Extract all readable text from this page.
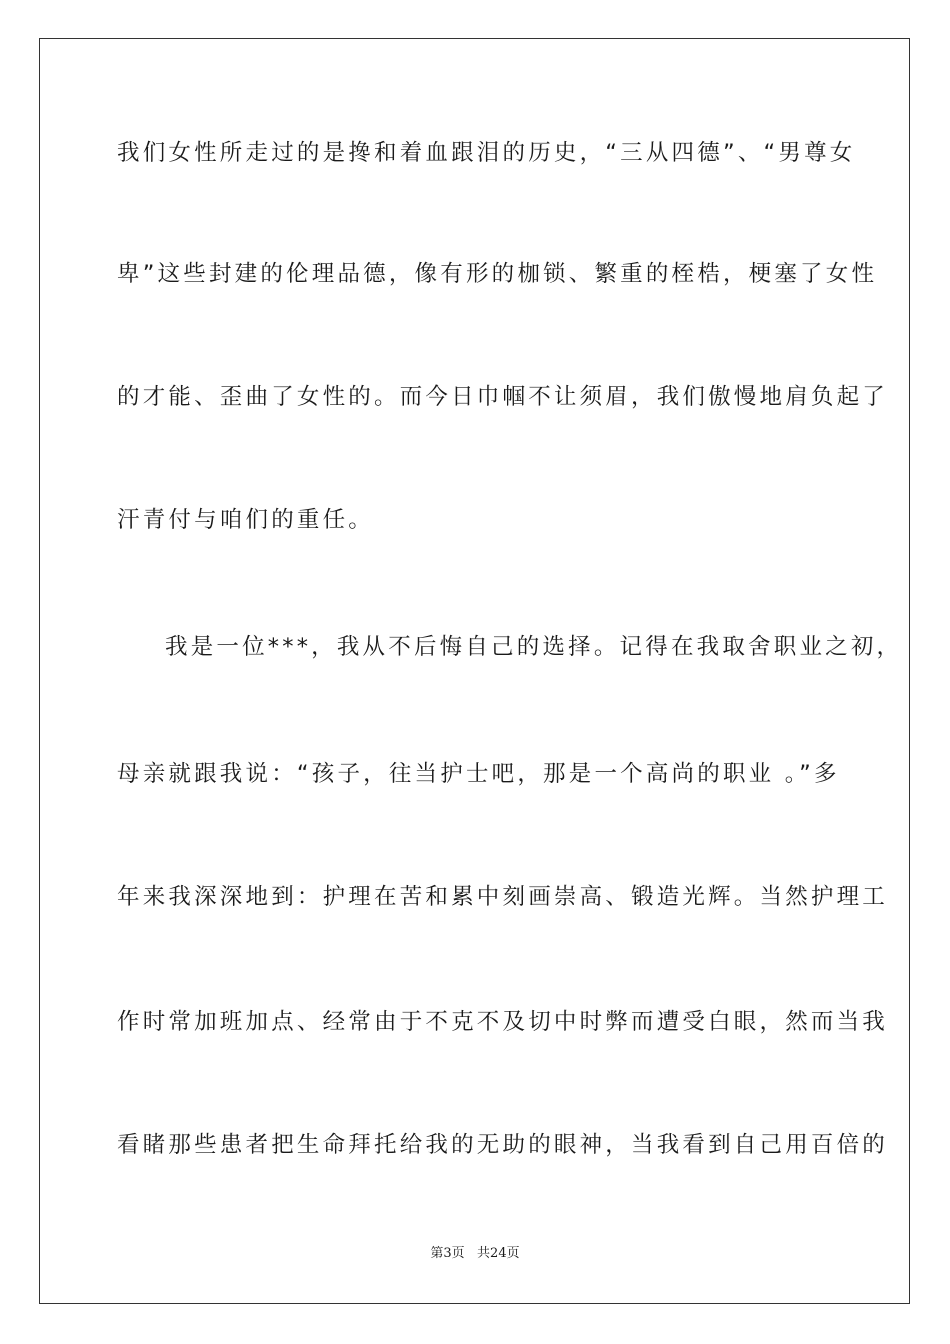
我们女性所走过的是搀和着血跟泪的历史，“三从四德”、“男尊女
卑”这些封建的伦理品德，像有形的枷锁、繁重的桎梏，梗塞了女性
的才能、歪曲了女性的。而今日巾帼不让须眉，我们傲慢地肩负起了
汗青付与咱们的重任。
我是一位***，我从不后悔自己的选择。记得在我取舍职业之初，
母亲就跟我说：“孩子，往当护士吧，那是一个高尚的职业 。”多
年来我深深地到：护理在苦和累中刻画崇高、锻造光辉。当然护理工
作时常加班加点、经常由于不克不及切中时弊而遭受白眼，然而当我
看睹那些患者把生命拜托给我的无助的眼神，当我看到自己用百倍的
第3页   共24页
